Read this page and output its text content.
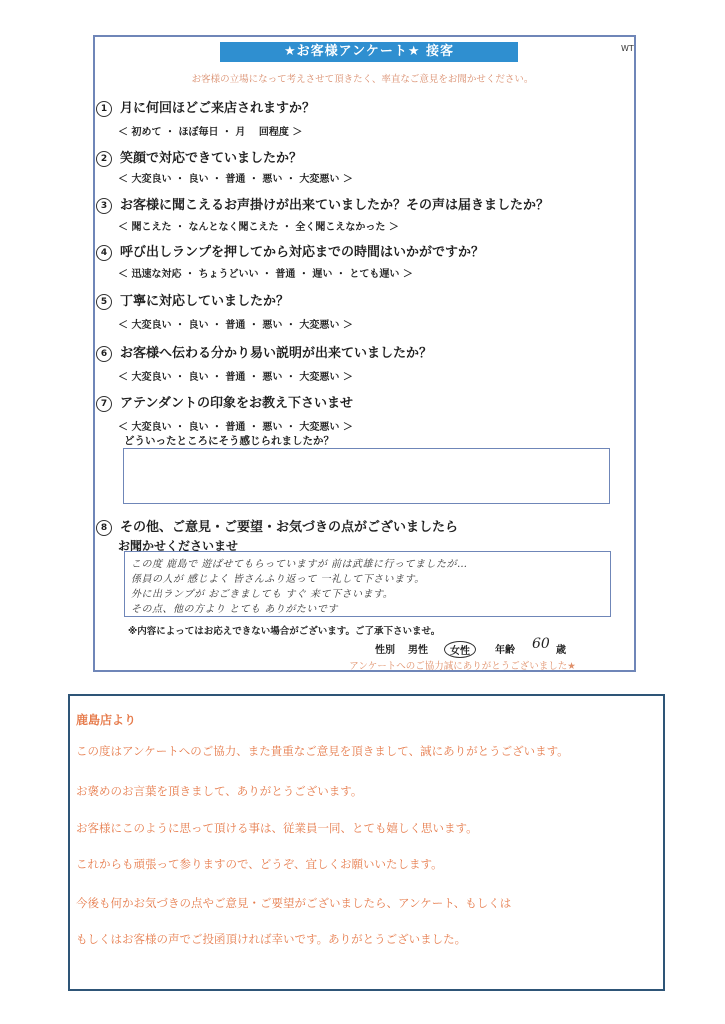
★お客様アンケート★ 接客	WT
お客様の立場になって考えさせて頂きたく、率直なご意見をお聞かせください。
1 月に何回ほどご来店されますか？
＜ 初めて ・ ほぼ毎日 ・ 月　 回程度 ＞
2 笑顔で対応できていましたか？
＜ 大変良い ・ 良い ・ 普通 ・ 悪い ・ 大変悪い ＞
3 お客様に聞こえるお声掛けが出来ていましたか？その声は届きましたか？
＜ 聞こえた ・ なんとなく聞こえた ・ 全く聞こえなかった ＞
4 呼び出しランプを押してから対応までの時間はいかがですか？
＜ 迅速な対応 ・ ちょうどいい ・ 普通 ・ 遅い ・ とても遅い ＞
5 丁寧に対応していましたか？
＜ 大変良い ・ 良い ・ 普通 ・ 悪い ・ 大変悪い ＞
6 お客様へ伝わる分かり易い説明が出来ていましたか？
＜ 大変良い ・ 良い ・ 普通 ・ 悪い ・ 大変悪い ＞
7 アテンダントの印象をお教え下さいませ
＜ 大変良い ・ 良い ・ 普通 ・ 悪い ・ 大変悪い ＞
どういったところにそう感じられましたか？
8 その他、ご意見・ご要望・お気づきの点がございましたら
お聞かせくださいませ
この度 鹿島で 遊ばせてもらっていますが 前は武雄に行ってましたが…
係員の人が 感じよく 皆さんふり返って 一礼して下さいます。
外に出ランプが おごきましても すぐ 来て下さいます。
その点、他の方より とても ありがたいです
※内容によってはお応えできない場合がございます。ご了承下さいませ。
性別 男性	女性	年齢 60 歳
アンケートへのご協力誠にありがとうございました★
鹿島店より
この度はアンケートへのご協力、また貴重なご意見を頂きまして、誠にありがとうございます。
お褒めのお言葉を頂きまして、ありがとうございます。
お客様にこのように思って頂ける事は、従業員一同、とても嬉しく思います。
これからも頑張って参りますので、どうぞ、宜しくお願いいたします。
今後も何かお気づきの点やご意見・ご要望がございましたら、アンケート、もしくは
もしくはお客様の声でご投函頂ければ幸いです。ありがとうございました。
